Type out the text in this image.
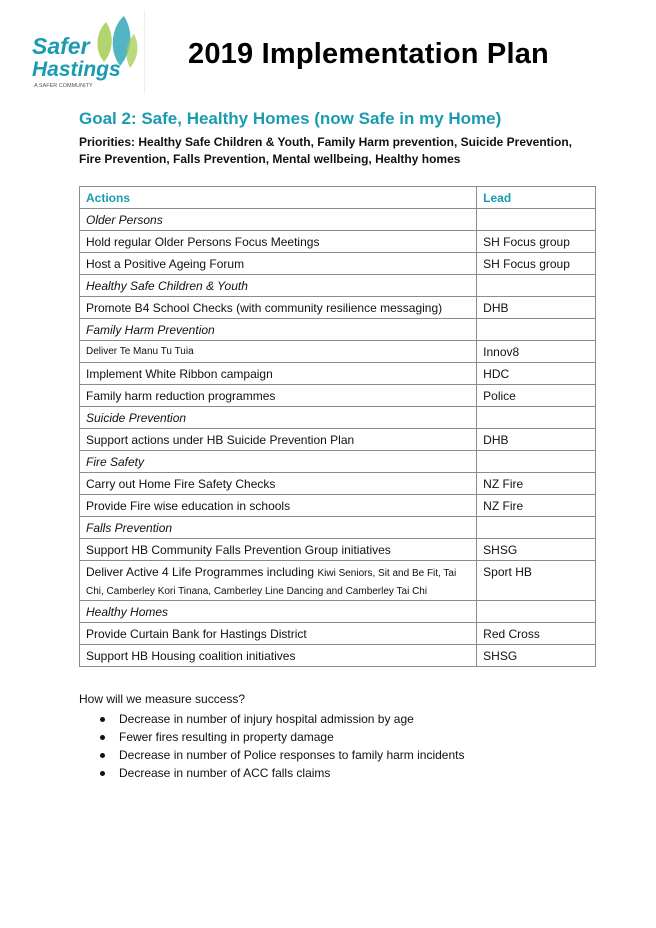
Safer
Hastings
A SAFER COMMUNITY
2019 Implementation Plan
Goal 2: Safe, Healthy Homes (now Safe in my Home)
Priorities: Healthy Safe Children & Youth, Family Harm prevention, Suicide Prevention, Fire Prevention, Falls Prevention, Mental wellbeing, Healthy homes
Actions	Lead
Older Persons	
Hold regular Older Persons Focus Meetings	SH Focus group
Host a Positive Ageing Forum	SH Focus group
Healthy Safe Children & Youth	
Promote B4 School Checks (with community resilience messaging)	DHB
Family Harm Prevention	
Deliver Te Manu Tu Tuia	Innov8
Implement White Ribbon campaign	HDC
Family harm reduction programmes	Police
Suicide Prevention	
Support actions under HB Suicide Prevention Plan	DHB
Fire Safety	
Carry out Home Fire Safety Checks	NZ Fire
Provide Fire wise education in schools	NZ Fire
Falls Prevention	
Support HB Community Falls Prevention Group initiatives	SHSG
Deliver Active 4 Life Programmes including Kiwi Seniors, Sit and Be Fit, Tai Chi, Camberley Kori Tinana, Camberley Line Dancing and Camberley Tai Chi	Sport HB
Healthy Homes	
Provide Curtain Bank for Hastings District	Red Cross
Support HB Housing coalition initiatives	SHSG
How will we measure success?
Decrease in number of injury hospital admission by age
Fewer fires resulting in property damage
Decrease in number of Police responses to family harm incidents
Decrease in number of ACC falls claims
